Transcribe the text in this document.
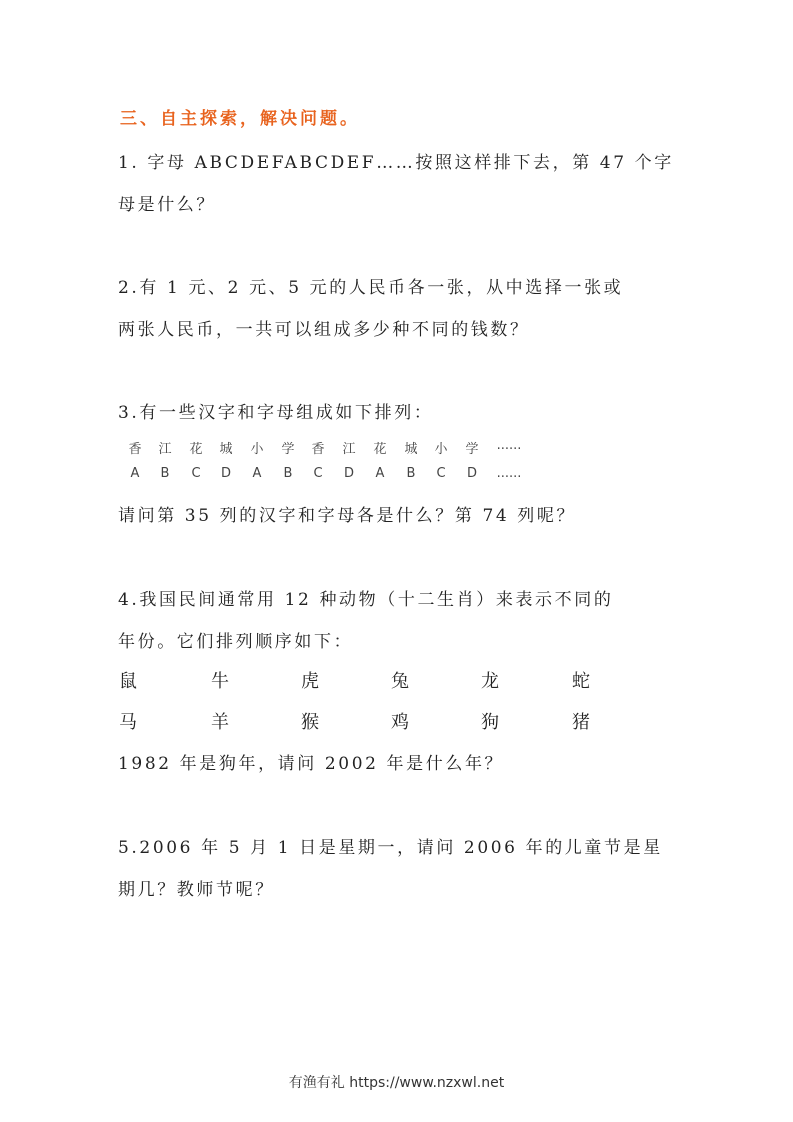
三、自主探索，解决问题。
1. 字母 ABCDEFABCDEF……按照这样排下去，第 47 个字
母是什么？
2.有 1 元、2 元、5 元的人民币各一张，从中选择一张或
两张人民币，一共可以组成多少种不同的钱数？
3.有一些汉字和字母组成如下排列：
香 江 花 城 小 学 香 江 花 城 小 学 ......
A B C D A B C D A B C D ......
请问第 35 列的汉字和字母各是什么？第 74 列呢？
4.我国民间通常用 12 种动物（十二生肖）来表示不同的
年份。它们排列顺序如下：
鼠	牛	虎	兔	龙	蛇
马	羊	猴	鸡	狗	猪
1982 年是狗年，请问 2002 年是什么年？
5.2006 年 5 月 1 日是星期一，请问 2006 年的儿童节是星
期几？教师节呢？
有渔有礼 https://www.nzxwl.net
